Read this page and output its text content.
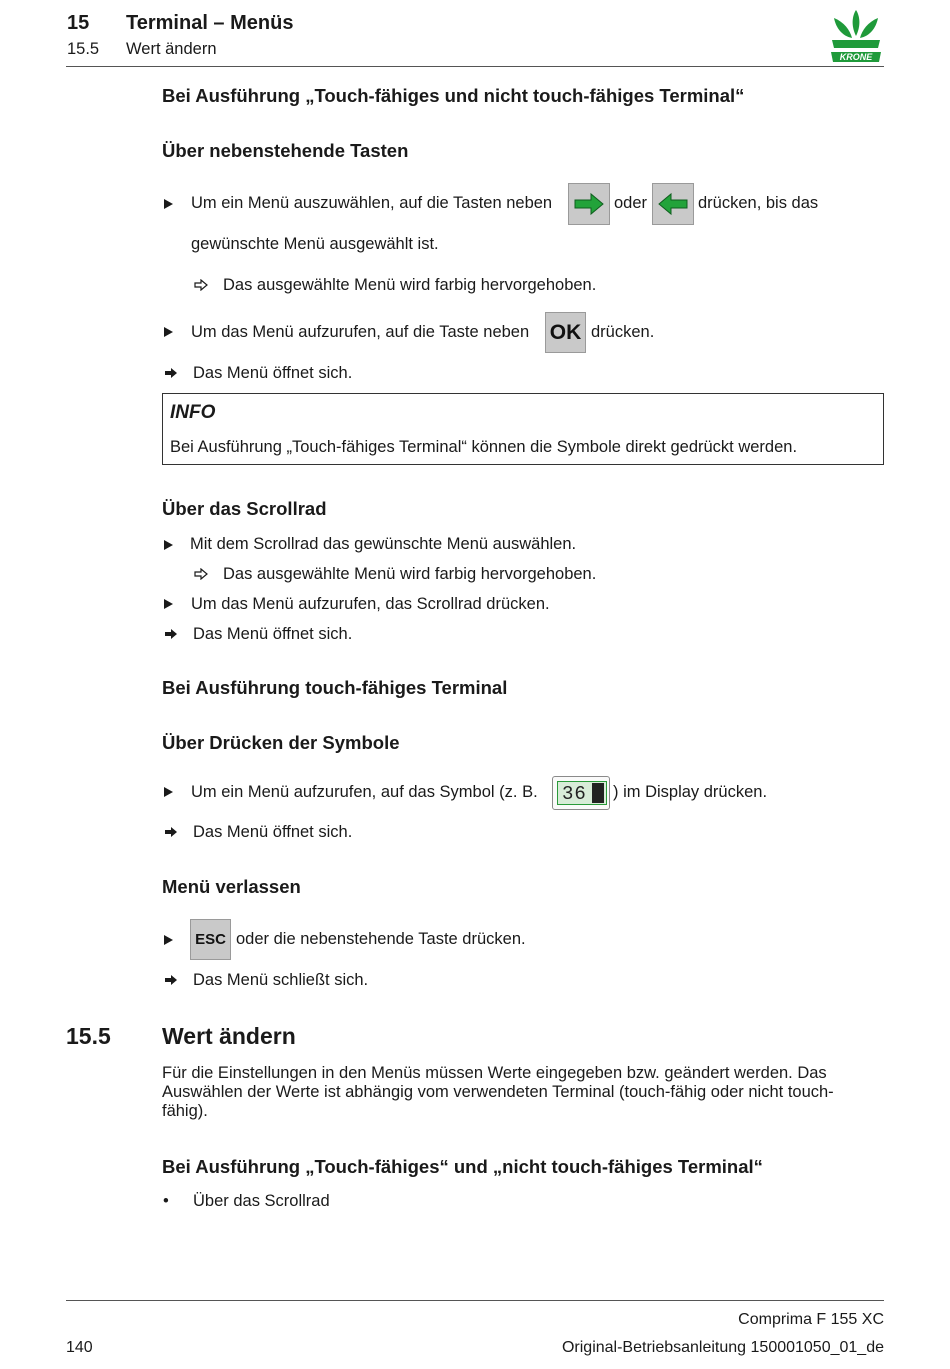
15 Terminal – Menüs
15.5 Wert ändern	KRONE
Bei Ausführung „Touch-fähiges und nicht touch-fähiges Terminal“
Über nebenstehende Tasten
Um ein Menü auszuwählen, auf die Tasten neben	oder	drücken, bis das
gewünschte Menü ausgewählt ist.
Das ausgewählte Menü wird farbig hervorgehoben.
Um das Menü aufzurufen, auf die Taste neben OK drücken.
Das Menü öffnet sich.
INFO
Bei Ausführung „Touch-fähiges Terminal“ können die Symbole direkt gedrückt werden.
Über das Scrollrad
Mit dem Scrollrad das gewünschte Menü auswählen.
Das ausgewählte Menü wird farbig hervorgehoben.
Um das Menü aufzurufen, das Scrollrad drücken.
Das Menü öffnet sich.
Bei Ausführung touch-fähiges Terminal
Über Drücken der Symbole
Um ein Menü aufzurufen, auf das Symbol (z. B. 36 ) im Display drücken.
Das Menü öffnet sich.
Menü verlassen
ESC oder die nebenstehende Taste drücken.
Das Menü schließt sich.
15.5 Wert ändern
Für die Einstellungen in den Menüs müssen Werte eingegeben bzw. geändert werden. Das
Auswählen der Werte ist abhängig vom verwendeten Terminal (touch-fähig oder nicht touch-
fähig).
Bei Ausführung „Touch-fähiges“ und „nicht touch-fähiges Terminal“
• Über das Scrollrad
Comprima F 155 XC
140	Original-Betriebsanleitung 150001050_01_de
